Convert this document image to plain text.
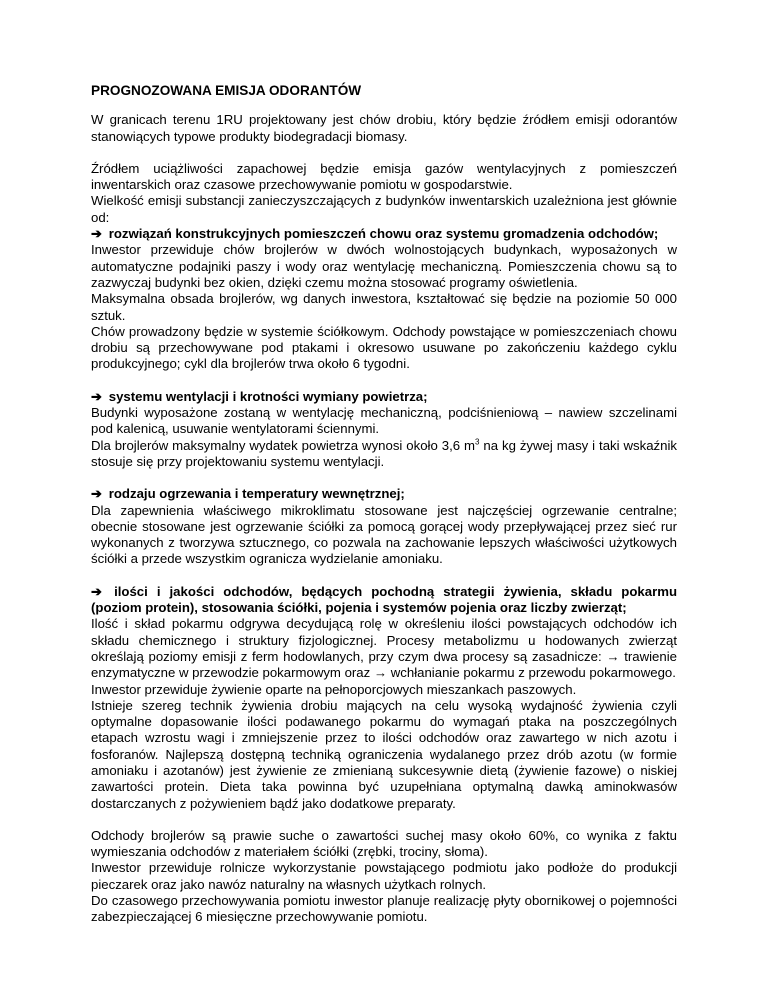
PROGNOZOWANA EMISJA ODORANTÓW

W granicach terenu 1RU projektowany jest chów drobiu, który będzie źródłem emisji odorantów stanowiących typowe produkty biodegradacji biomasy.

Źródłem uciążliwości zapachowej będzie emisja gazów wentylacyjnych z pomieszczeń inwentarskich oraz czasowe przechowywanie pomiotu w gospodarstwie.

Wielkość emisji substancji zanieczyszczających z budynków inwentarskich uzależniona jest głównie od:

➔ rozwiązań konstrukcyjnych pomieszczeń chowu oraz systemu gromadzenia odchodów;

Inwestor przewiduje chów brojlerów w dwóch wolnostojących budynkach, wyposażonych w automatyczne podajniki paszy i wody oraz wentylację mechaniczną. Pomieszczenia chowu są to zazwyczaj budynki bez okien, dzięki czemu można stosować programy oświetlenia.

Maksymalna obsada brojlerów, wg danych inwestora, kształtować się będzie na poziomie 50 000 sztuk.

Chów prowadzony będzie w systemie ściółkowym. Odchody powstające w pomieszczeniach chowu drobiu są przechowywane pod ptakami i okresowo usuwane po zakończeniu każdego cyklu produkcyjnego; cykl dla brojlerów trwa około 6 tygodni.

➔ systemu wentylacji i krotności wymiany powietrza;

Budynki wyposażone zostaną w wentylację mechaniczną, podciśnieniową – nawiew szczelinami pod kalenicą, usuwanie wentylatorami ściennymi.

Dla brojlerów maksymalny wydatek powietrza wynosi około 3,6 $m^3$ na kg żywej masy i taki wskaźnik stosuje się przy projektowaniu systemu wentylacji.

➔ rodzaju ogrzewania i temperatury wewnętrznej;

Dla zapewnienia właściwego mikroklimatu stosowane jest najczęściej ogrzewanie centralne; obecnie stosowane jest ogrzewanie ściółki za pomocą gorącej wody przepływającej przez sieć rur wykonanych z tworzywa sztucznego, co pozwala na zachowanie lepszych właściwości użytkowych ściółki a przede wszystkim ogranicza wydzielanie amoniaku.

➔ ilości i jakości odchodów, będących pochodną strategii żywienia, składu pokarmu (poziom protein), stosowania ściółki, pojenia i systemów pojenia oraz liczby zwierząt;

Ilość i skład pokarmu odgrywa decydującą rolę w określeniu ilości powstających odchodów ich składu chemicznego i struktury fizjologicznej. Procesy metabolizmu u hodowanych zwierząt określają poziomy emisji z ferm hodowlanych, przy czym dwa procesy są zasadnicze: → trawienie enzymatyczne w przewodzie pokarmowym oraz → wchłanianie pokarmu z przewodu pokarmowego.

Inwestor przewiduje żywienie oparte na pełnoporcjowych mieszankach paszowych.

Istnieje szereg technik żywienia drobiu mających na celu wysoką wydajność żywienia czyli optymalne dopasowanie ilości podawanego pokarmu do wymagań ptaka na poszczególnych etapach wzrostu wagi i zmniejszenie przez to ilości odchodów oraz zawartego w nich azotu i fosforanów. Najlepszą dostępną techniką ograniczenia wydalanego przez drób azotu (w formie amoniaku i azotanów) jest żywienie ze zmienianą sukcesywnie dietą (żywienie fazowe) o niskiej zawartości protein. Dieta taka powinna być uzupełniana optymalną dawką aminokwasów dostarczanych z pożywieniem bądź jako dodatkowe preparaty.

Odchody brojlerów są prawie suche o zawartości suchej masy około 60%, co wynika z faktu wymieszania odchodów z materiałem ściółki (zrębki, trociny, słoma).

Inwestor przewiduje rolnicze wykorzystanie powstającego podmiotu jako podłoże do produkcji pieczarek oraz jako nawóz naturalny na własnych użytkach rolnych.

Do czasowego przechowywania pomiotu inwestor planuje realizację płyty obornikowej o pojemności zabezpieczającej 6 miesięczne przechowywanie pomiotu.
